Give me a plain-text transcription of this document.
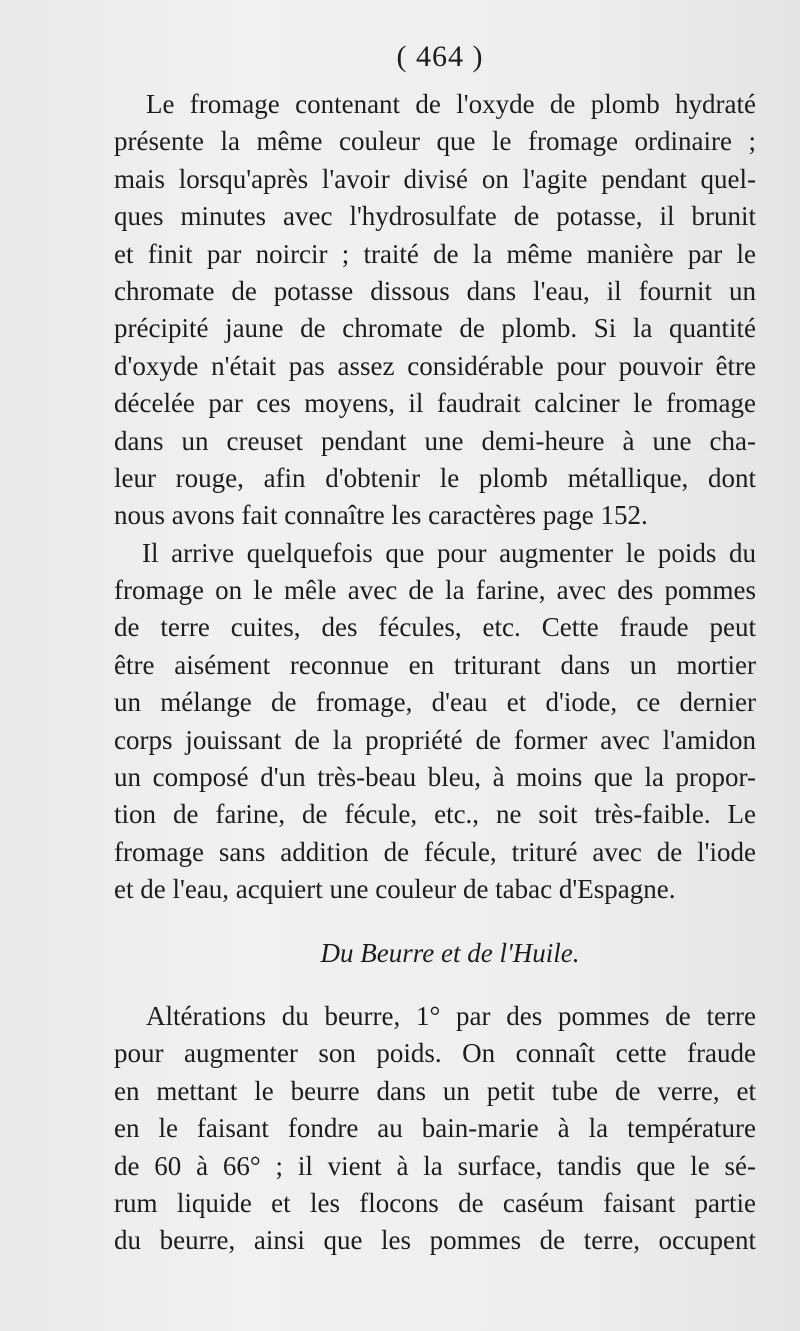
( 464 )
Le fromage contenant de l'oxyde de plomb hydraté
présente la même couleur que le fromage ordinaire ;
mais lorsqu'après l'avoir divisé on l'agite pendant quel-
ques minutes avec l'hydrosulfate de potasse, il brunit
et finit par noircir ; traité de la même manière par le
chromate de potasse dissous dans l'eau, il fournit un
précipité jaune de chromate de plomb. Si la quantité
d'oxyde n'était pas assez considérable pour pouvoir être
décelée par ces moyens, il faudrait calciner le fromage
dans un creuset pendant une demi-heure à une cha-
leur rouge, afin d'obtenir le plomb métallique, dont
nous avons fait connaître les caractères page 152.
Il arrive quelquefois que pour augmenter le poids du
fromage on le mêle avec de la farine, avec des pommes
de terre cuites, des fécules, etc. Cette fraude peut
être aisément reconnue en triturant dans un mortier
un mélange de fromage, d'eau et d'iode, ce dernier
corps jouissant de la propriété de former avec l'amidon
un composé d'un très-beau bleu, à moins que la propor-
tion de farine, de fécule, etc., ne soit très-faible. Le
fromage sans addition de fécule, trituré avec de l'iode
et de l'eau, acquiert une couleur de tabac d'Espagne.
Du Beurre et de l'Huile.
Altérations du beurre, 1° par des pommes de terre
pour augmenter son poids. On connaît cette fraude
en mettant le beurre dans un petit tube de verre, et
en le faisant fondre au bain-marie à la température
de 60 à 66° ; il vient à la surface, tandis que le sé-
rum liquide et les flocons de caséum faisant partie
du beurre, ainsi que les pommes de terre, occupent
